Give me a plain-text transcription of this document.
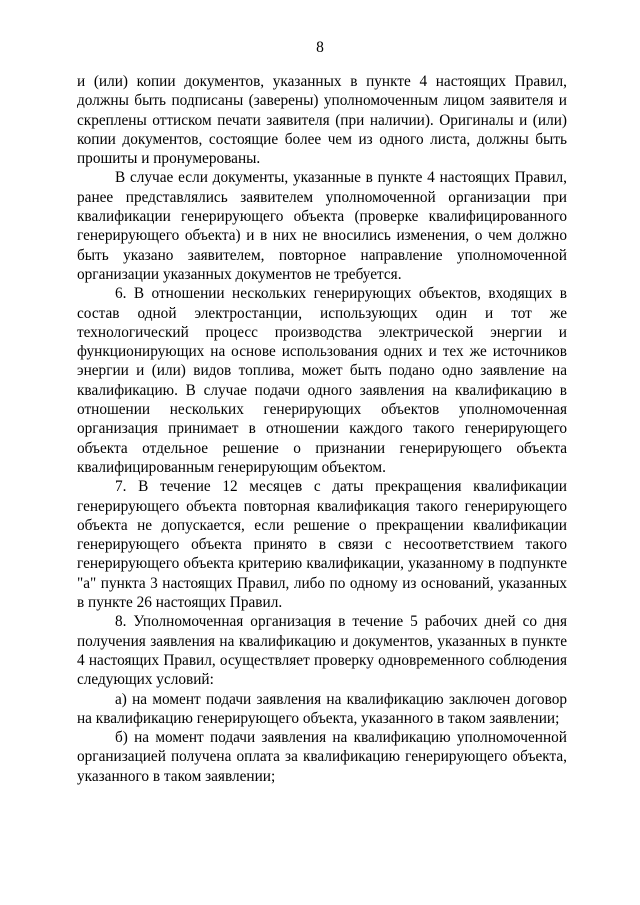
8

и (или) копии документов, указанных в пункте 4 настоящих Правил, должны быть подписаны (заверены) уполномоченным лицом заявителя и скреплены оттиском печати заявителя (при наличии). Оригиналы и (или) копии документов, состоящие более чем из одного листа, должны быть прошиты и пронумерованы.

В случае если документы, указанные в пункте 4 настоящих Правил, ранее представлялись заявителем уполномоченной организации при квалификации генерирующего объекта (проверке квалифицированного генерирующего объекта) и в них не вносились изменения, о чем должно быть указано заявителем, повторное направление уполномоченной организации указанных документов не требуется.

6. В отношении нескольких генерирующих объектов, входящих в состав одной электростанции, использующих один и тот же технологический процесс производства электрической энергии и функционирующих на основе использования одних и тех же источников энергии и (или) видов топлива, может быть подано одно заявление на квалификацию. В случае подачи одного заявления на квалификацию в отношении нескольких генерирующих объектов уполномоченная организация принимает в отношении каждого такого генерирующего объекта отдельное решение о признании генерирующего объекта квалифицированным генерирующим объектом.

7. В течение 12 месяцев с даты прекращения квалификации генерирующего объекта повторная квалификация такого генерирующего объекта не допускается, если решение о прекращении квалификации генерирующего объекта принято в связи с несоответствием такого генерирующего объекта критерию квалификации, указанному в подпункте "а" пункта 3 настоящих Правил, либо по одному из оснований, указанных в пункте 26 настоящих Правил.

8. Уполномоченная организация в течение 5 рабочих дней со дня получения заявления на квалификацию и документов, указанных в пункте 4 настоящих Правил, осуществляет проверку одновременного соблюдения следующих условий:

а) на момент подачи заявления на квалификацию заключен договор на квалификацию генерирующего объекта, указанного в таком заявлении;

б) на момент подачи заявления на квалификацию уполномоченной организацией получена оплата за квалификацию генерирующего объекта, указанного в таком заявлении;
